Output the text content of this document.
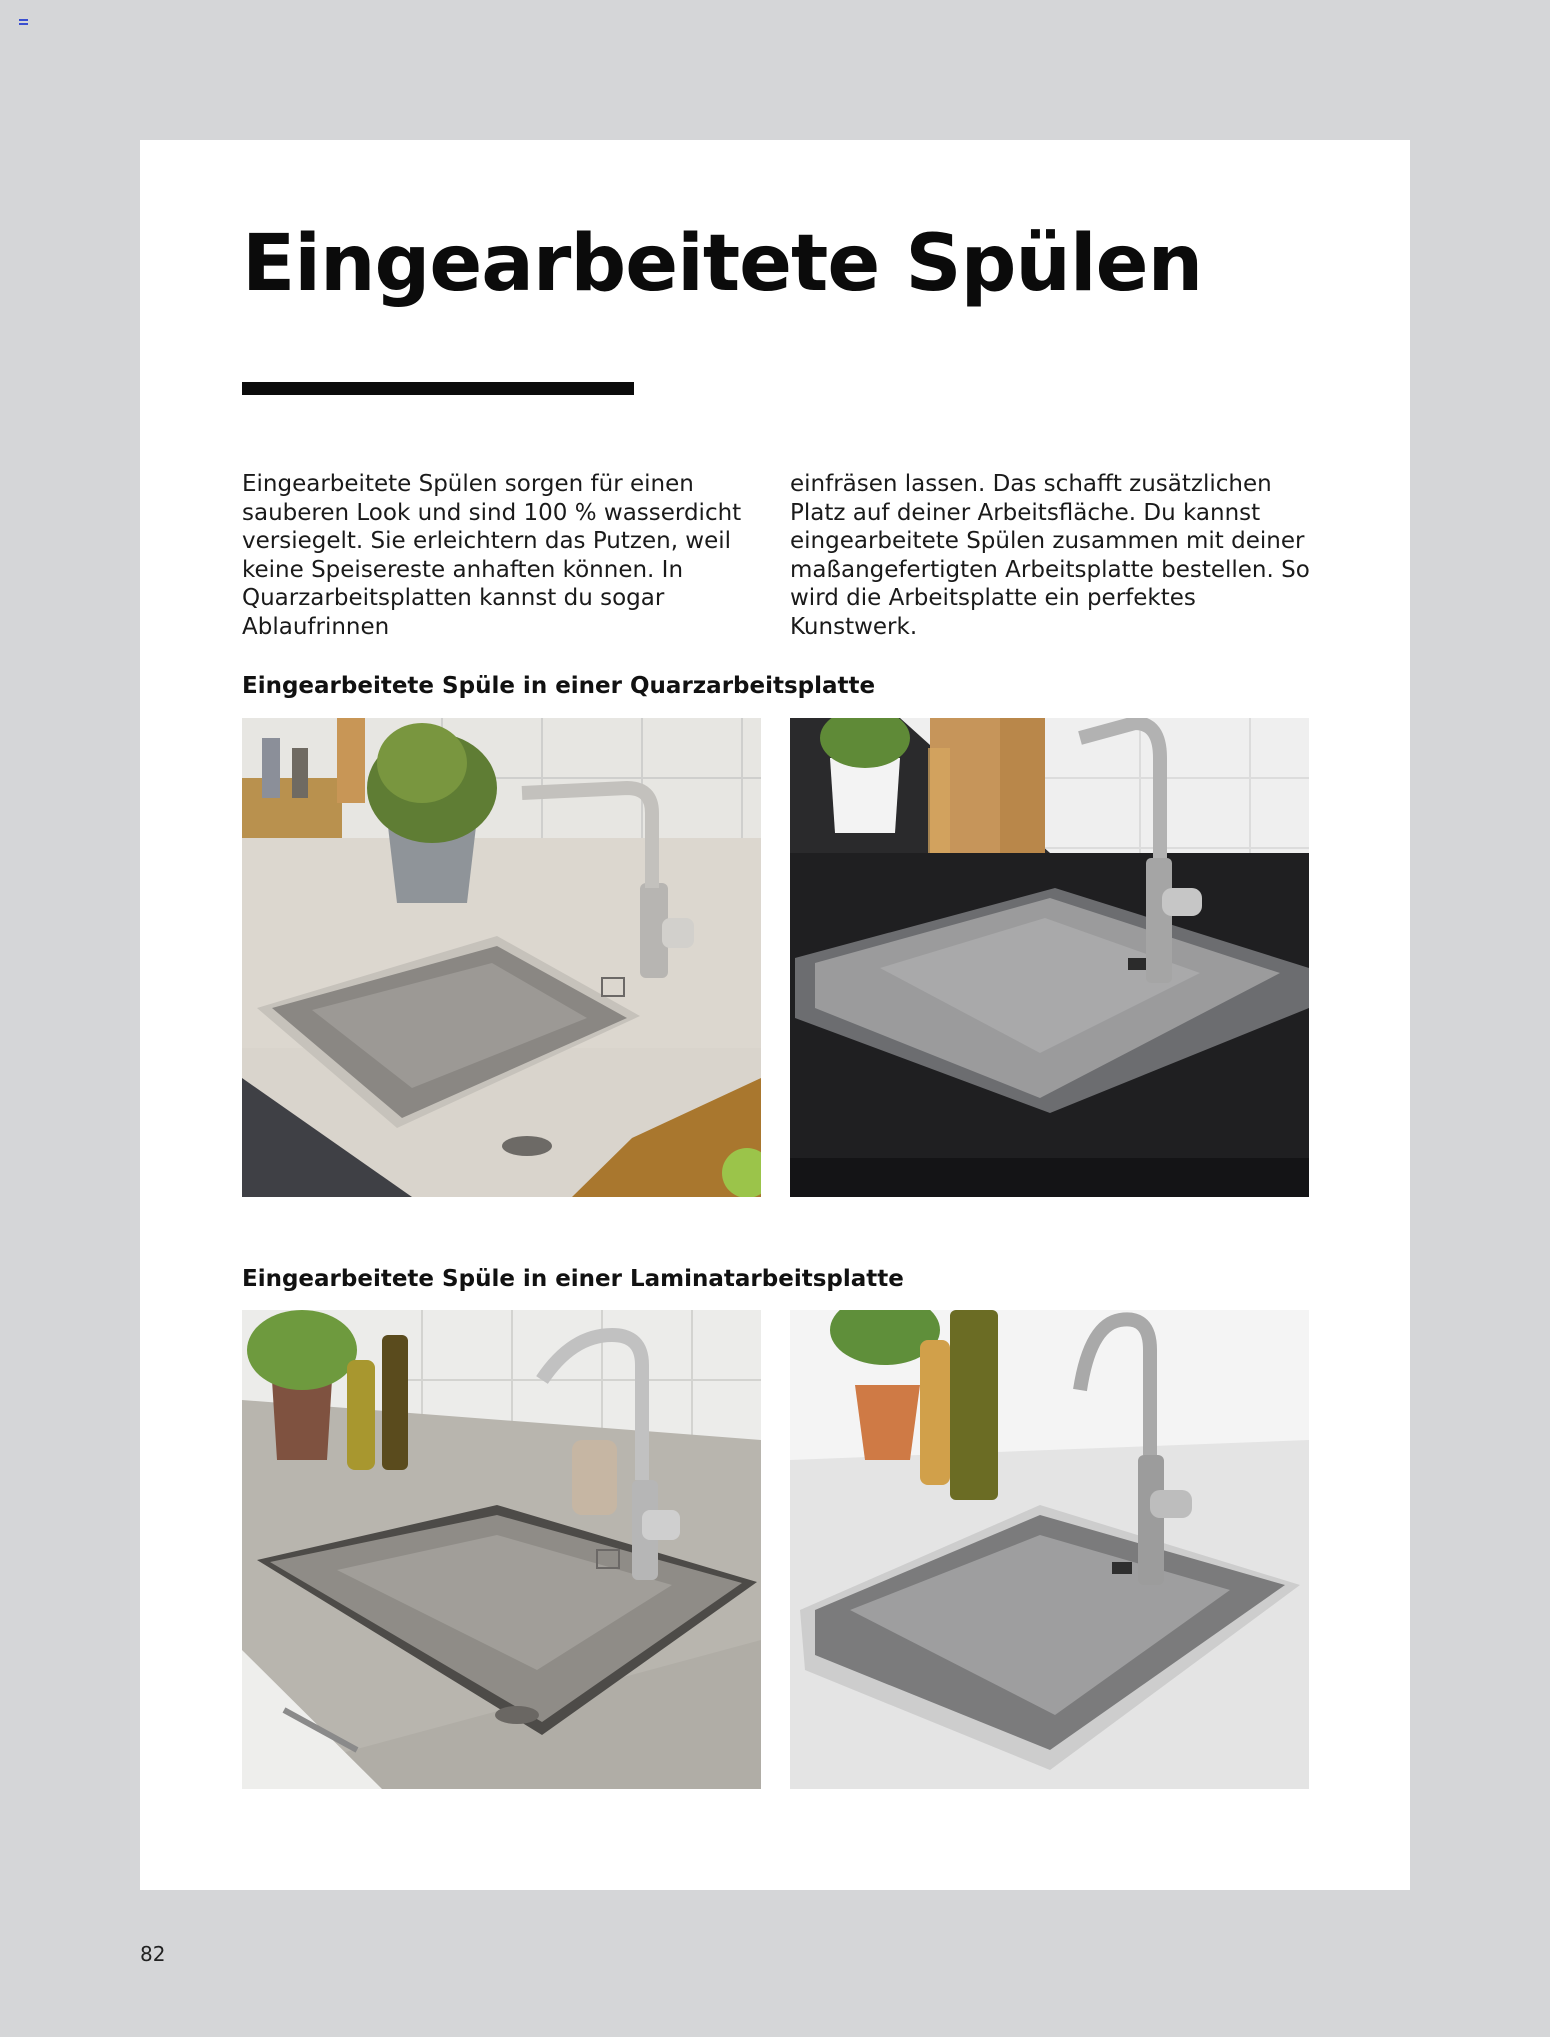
Eingearbeitete Spülen

Eingearbeitete Spülen sorgen für einen sauberen Look und sind 100 % wasserdicht versiegelt. Sie erleichtern das Putzen, weil keine Speisereste anhaften können. In Quarzarbeitsplatten kannst du sogar Ablaufrinnen

einfräsen lassen. Das schafft zusätzlichen Platz auf deiner Arbeitsfläche. Du kannst eingearbeitete Spülen zusammen mit deiner maßangefertigten Arbeitsplatte bestellen. So wird die Arbeitsplatte ein perfektes Kunstwerk.

Eingearbeitete Spüle in einer Quarzarbeitsplatte
Eingearbeitete Spüle in einer Laminatarbeitsplatte
82
